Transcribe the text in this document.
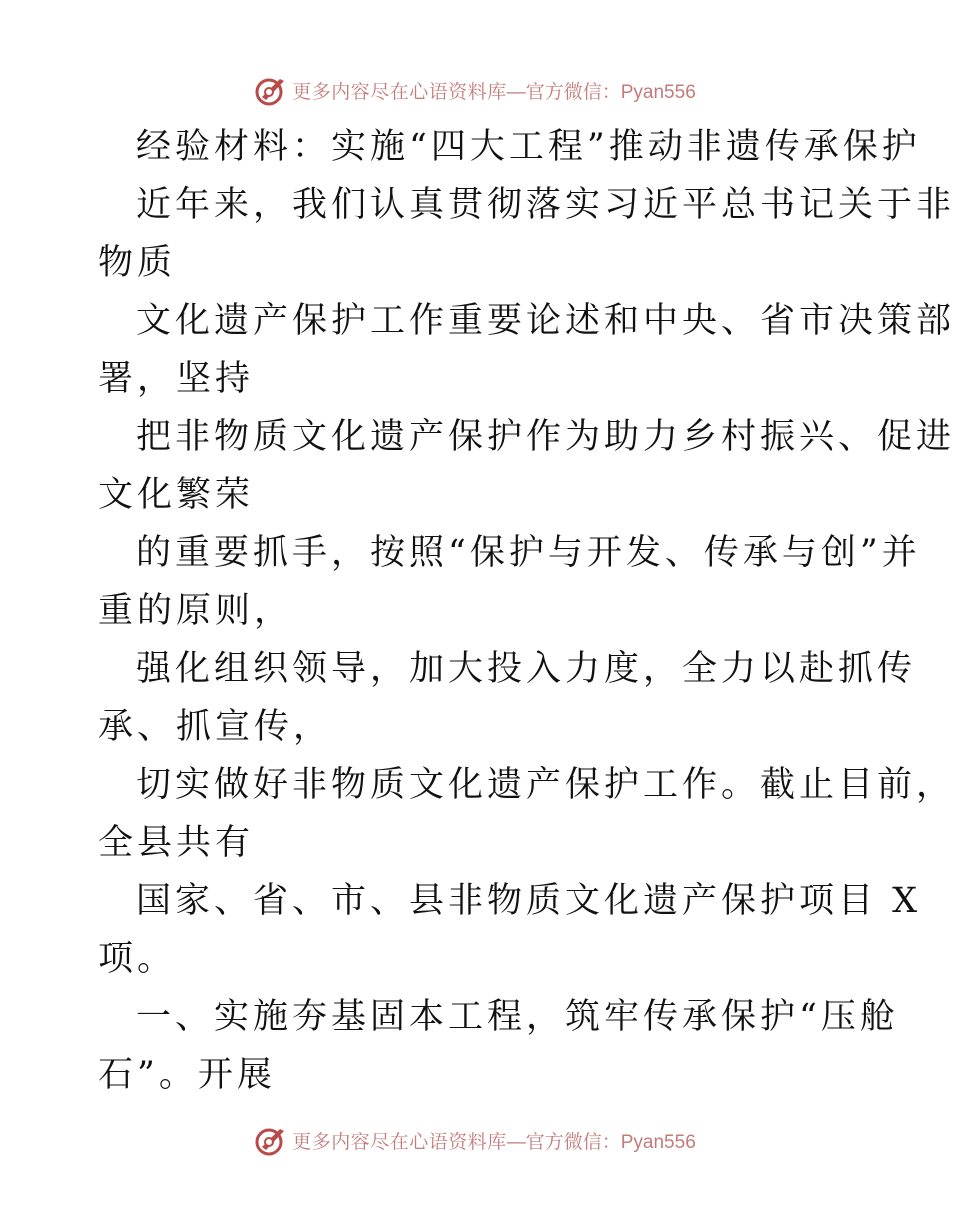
更多内容尽在心语资料库 —官方微信：Pyan556

经验材料：实施“四大工程”推动非遗传承保护

近年来，我们认真贯彻落实习近平总书记关于非

物质

文化遗产保护工作重要论述和中央、省市决策部

署，坚持

把非物质文化遗产保护作为助力乡村振兴、促进

文化繁荣

的重要抓手，按照“保护与开发、传承与创”并

重的原则，

强化组织领导，加大投入力度，全力以赴抓传

承、抓宣传，

切实做好非物质文化遗产保护工作。截止目前，

全县共有

国家、省、市、县非物质文化遗产保护项目 X

项。

一、实施夯基固本工程，筑牢传承保护“压舱

石”。开展

更多内容尽在心语资料库 —官方微信：Pyan556
